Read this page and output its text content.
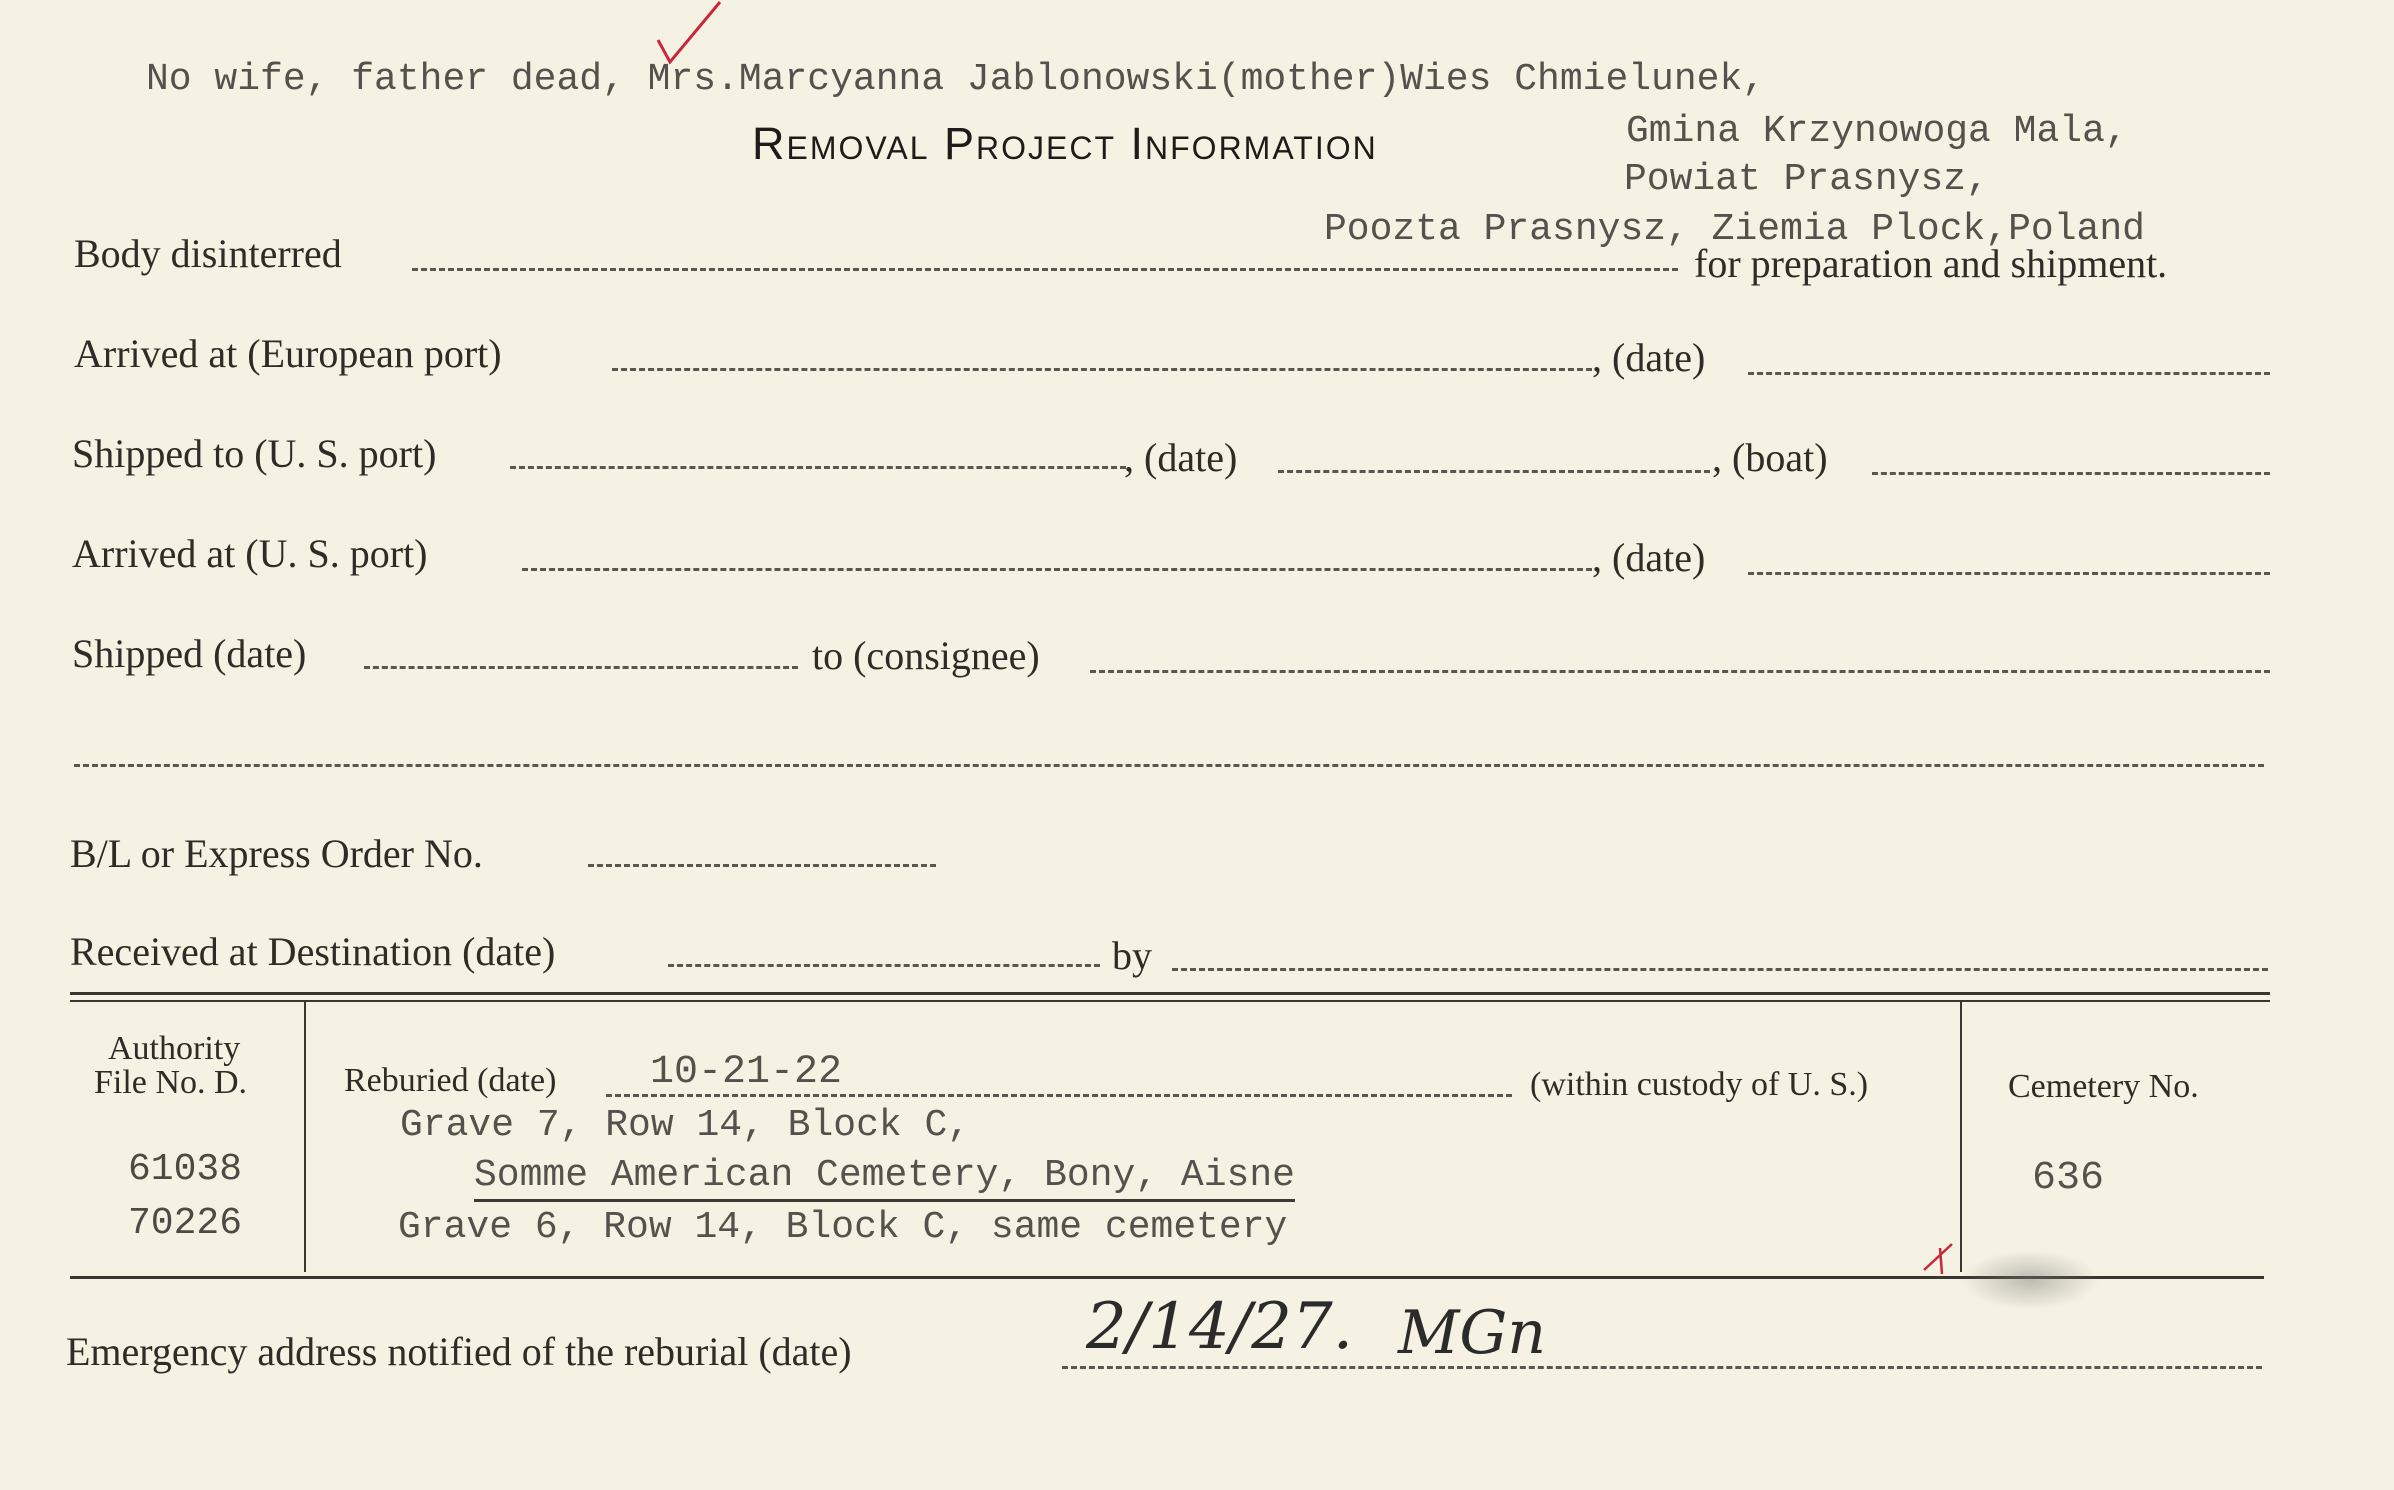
No wife, father dead, Mrs.Marcyanna Jablonowski(mother)Wies Chmielunek,
Gmina Krzynowoga Mala,
Powiat Prasnysz,
Poozta Prasnysz, Ziemia Plock,Poland
Removal Project Information
Body disinterred	for preparation and shipment.
Arrived at (European port)	, (date)
Shipped to (U. S. port)	, (date)	, (boat)
Arrived at (U. S. port)	, (date)
Shipped (date)	to (consignee)
B/L or Express Order No.
Received at Destination (date)	by
Authority
File No. D.
61038
70226
Reburied (date) 10-21-22	(within custody of U. S.)
Grave 7, Row 14, Block C,
Somme American Cemetery, Bony, Aisne
Grave 6, Row 14, Block C, same cemetery
Cemetery No.
636
Emergency address notified of the reburial (date)	2/14/27. MGn
